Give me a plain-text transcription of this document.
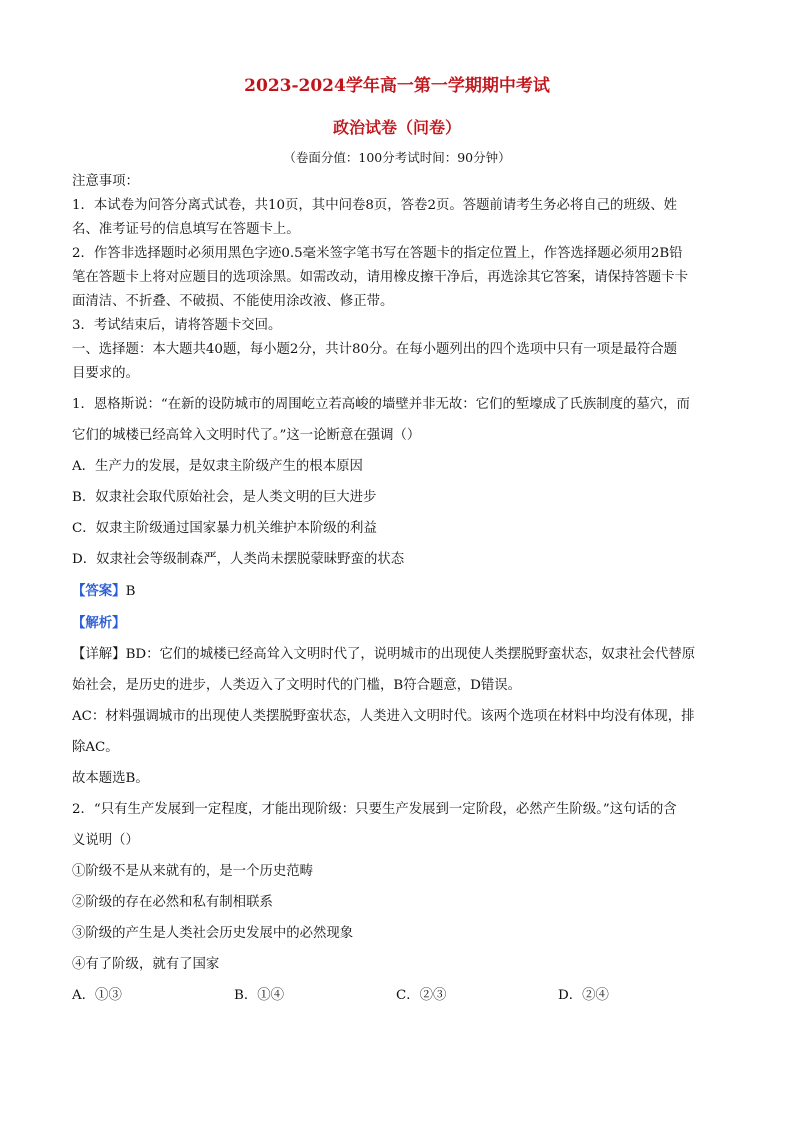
2023-2024学年高一第一学期期中考试
政治试卷（问卷）
（卷面分值：100分考试时间：90分钟）
注意事项：
1．本试卷为问答分离式试卷，共10页，其中问卷8页，答卷2页。答题前请考生务必将自己的班级、姓
名、准考证号的信息填写在答题卡上。
2．作答非选择题时必须用黑色字迹0.5毫米签字笔书写在答题卡的指定位置上，作答选择题必须用2B铅
笔在答题卡上将对应题目的选项涂黑。如需改动，请用橡皮擦干净后，再选涂其它答案，请保持答题卡卡
面清洁、不折叠、不破损、不能使用涂改液、修正带。
3．考试结束后，请将答题卡交回。
一、选择题：本大题共40题，每小题2分，共计80分。在每小题列出的四个选项中只有一项是最符合题
目要求的。
1．恩格斯说：“在新的设防城市的周围屹立若高峻的墙壁并非无故：它们的堑壕成了氏族制度的墓穴，而
它们的城楼已经高耸入文明时代了。”这一论断意在强调（）
A．生产力的发展，是奴隶主阶级产生的根本原因
B．奴隶社会取代原始社会，是人类文明的巨大进步
C．奴隶主阶级通过国家暴力机关维护本阶级的利益
D．奴隶社会等级制森严，人类尚未摆脱蒙昧野蛮的状态
【答案】B
【解析】
【详解】BD：它们的城楼已经高耸入文明时代了，说明城市的出现使人类摆脱野蛮状态，奴隶社会代替原
始社会，是历史的进步，人类迈入了文明时代的门槛，B符合题意，D错误。
AC：材料强调城市的出现使人类摆脱野蛮状态，人类进入文明时代。该两个选项在材料中均没有体现，排
除AC。
故本题选B。
2．“只有生产发展到一定程度，才能出现阶级：只要生产发展到一定阶段，必然产生阶级。”这句话的含
义说明（）
①阶级不是从来就有的，是一个历史范畴
②阶级的存在必然和私有制相联系
③阶级的产生是人类社会历史发展中的必然现象
④有了阶级，就有了国家
A．①③	B．①④	C．②③	D．②④
